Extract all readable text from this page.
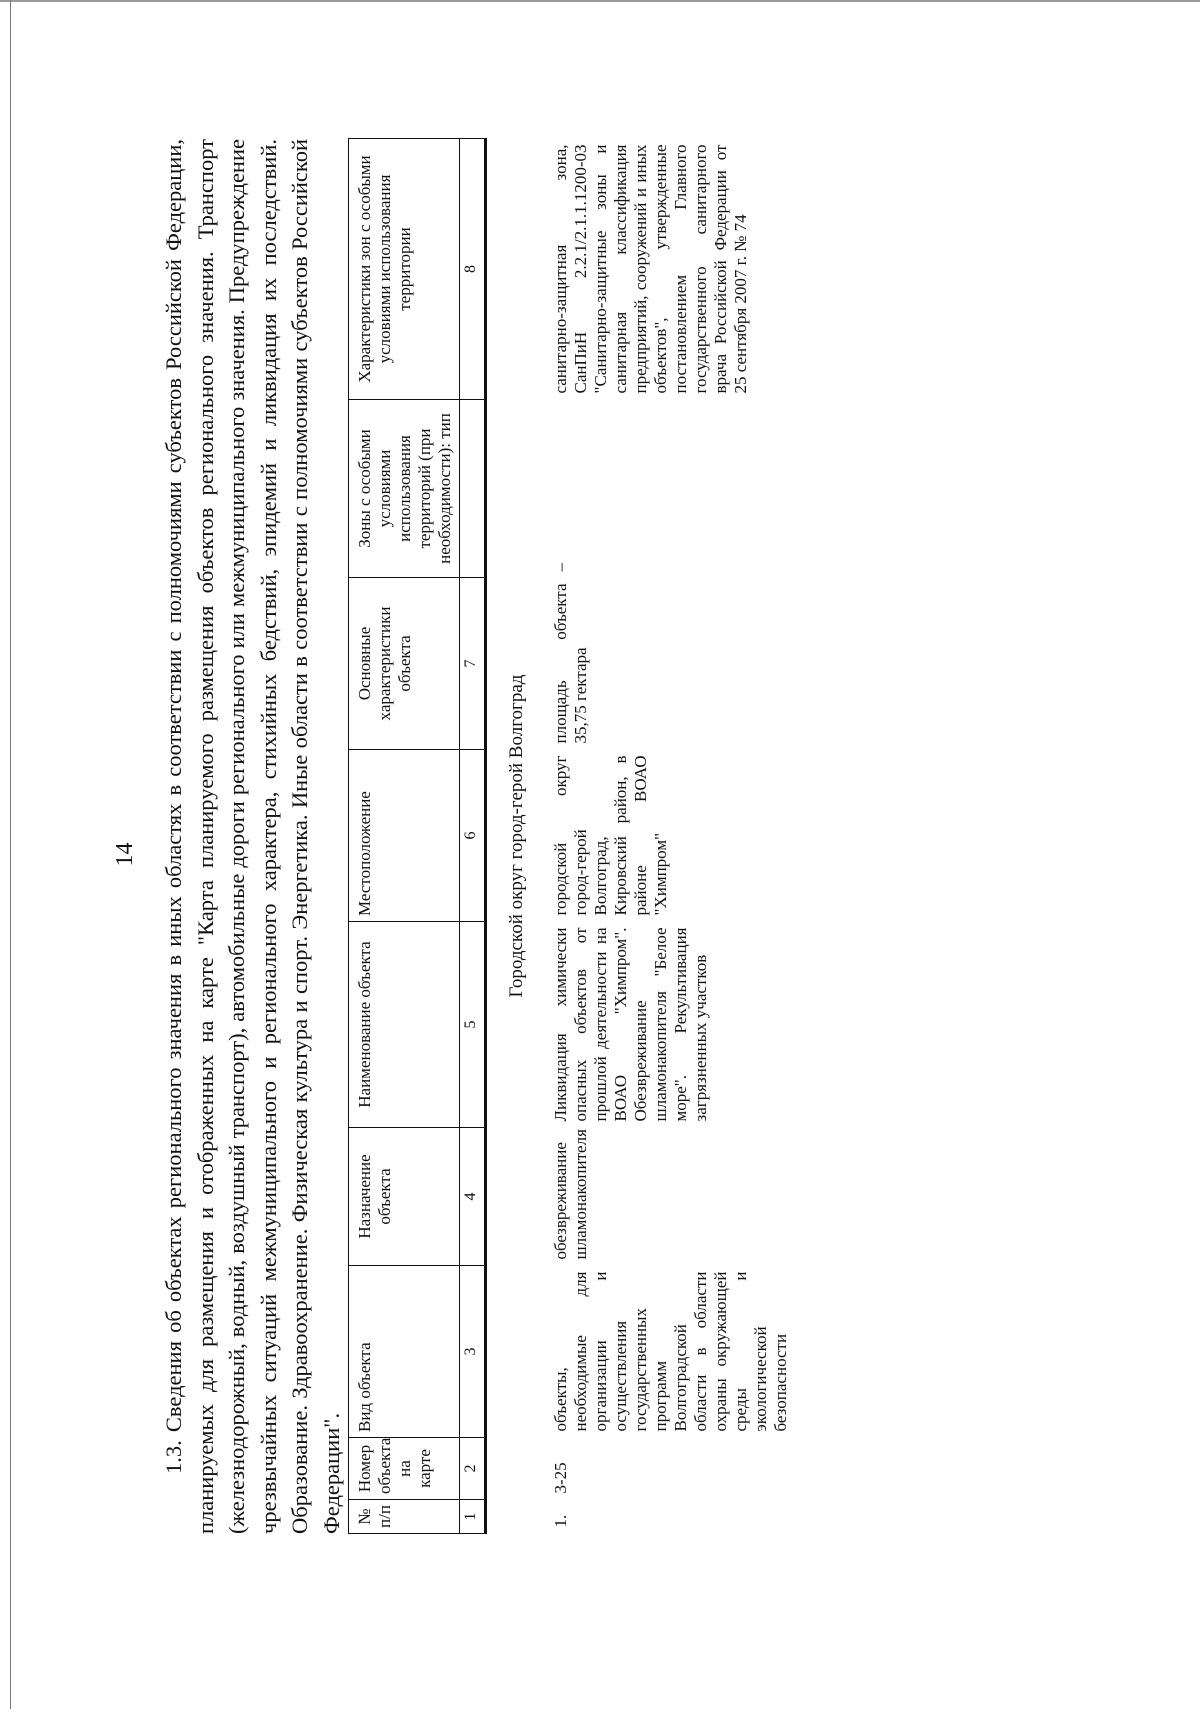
14 1.3. Сведения об объектах регионального значения в иных областях в соответствии с полномочиями субъектов Российской Федерации, планируемых для размещения и отображенных на карте "Карта планируемого размещения объектов регионального значения. Транспорт (железнодорожный, водный, воздушный транспорт), автомобильные дороги регионального или межмуниципального значения. Предупреждение чрезвычайных ситуаций межмуниципального и регионального характера, стихийных бедствий, эпидемий и ликвидация их последствий. Образование. Здравоохранение. Физическая культура и спорт. Энергетика. Иные области в соответствии с полномочиями субъектов Российской Федерации". № п/п	Номер объекта на карте	Вид объекта	Назначение объекта	Наименование объекта	Местоположение	Основные характеристики объекта	Зоны с особыми условиями использования территорий (при необходимости): тип	Характеристики зон с особыми условиями использования территории
1	2	3	4	5	6	7		8
Городской округ город-герой Волгоград								
1.	3-25	объекты, необходимые для организации и осуществления государственных программ Волгоградской области в области охраны окружающей среды и экологической безопасности	обезвреживание шламонакопителя	Ликвидация химически опасных объектов от прошлой деятельности на ВОАО "Химпром". Обезвреживание шламонакопителя "Белое море". Рекультивация загрязненных участков	городской округ город-герой Волгоград, Кировский район, в районе ВОАО "Химпром"	площадь объекта 35,75 гектара	–	санитарно-защитная зона, СанПиН 2.2.1/2.1.1.1200-03 "Санитарно-защитные зоны и санитарная классификация предприятий, сооружений и иных объектов", утвержденные постановлением Главного государственного санитарного врача Российской Федерации от 25 сентября 2007 г. № 74
